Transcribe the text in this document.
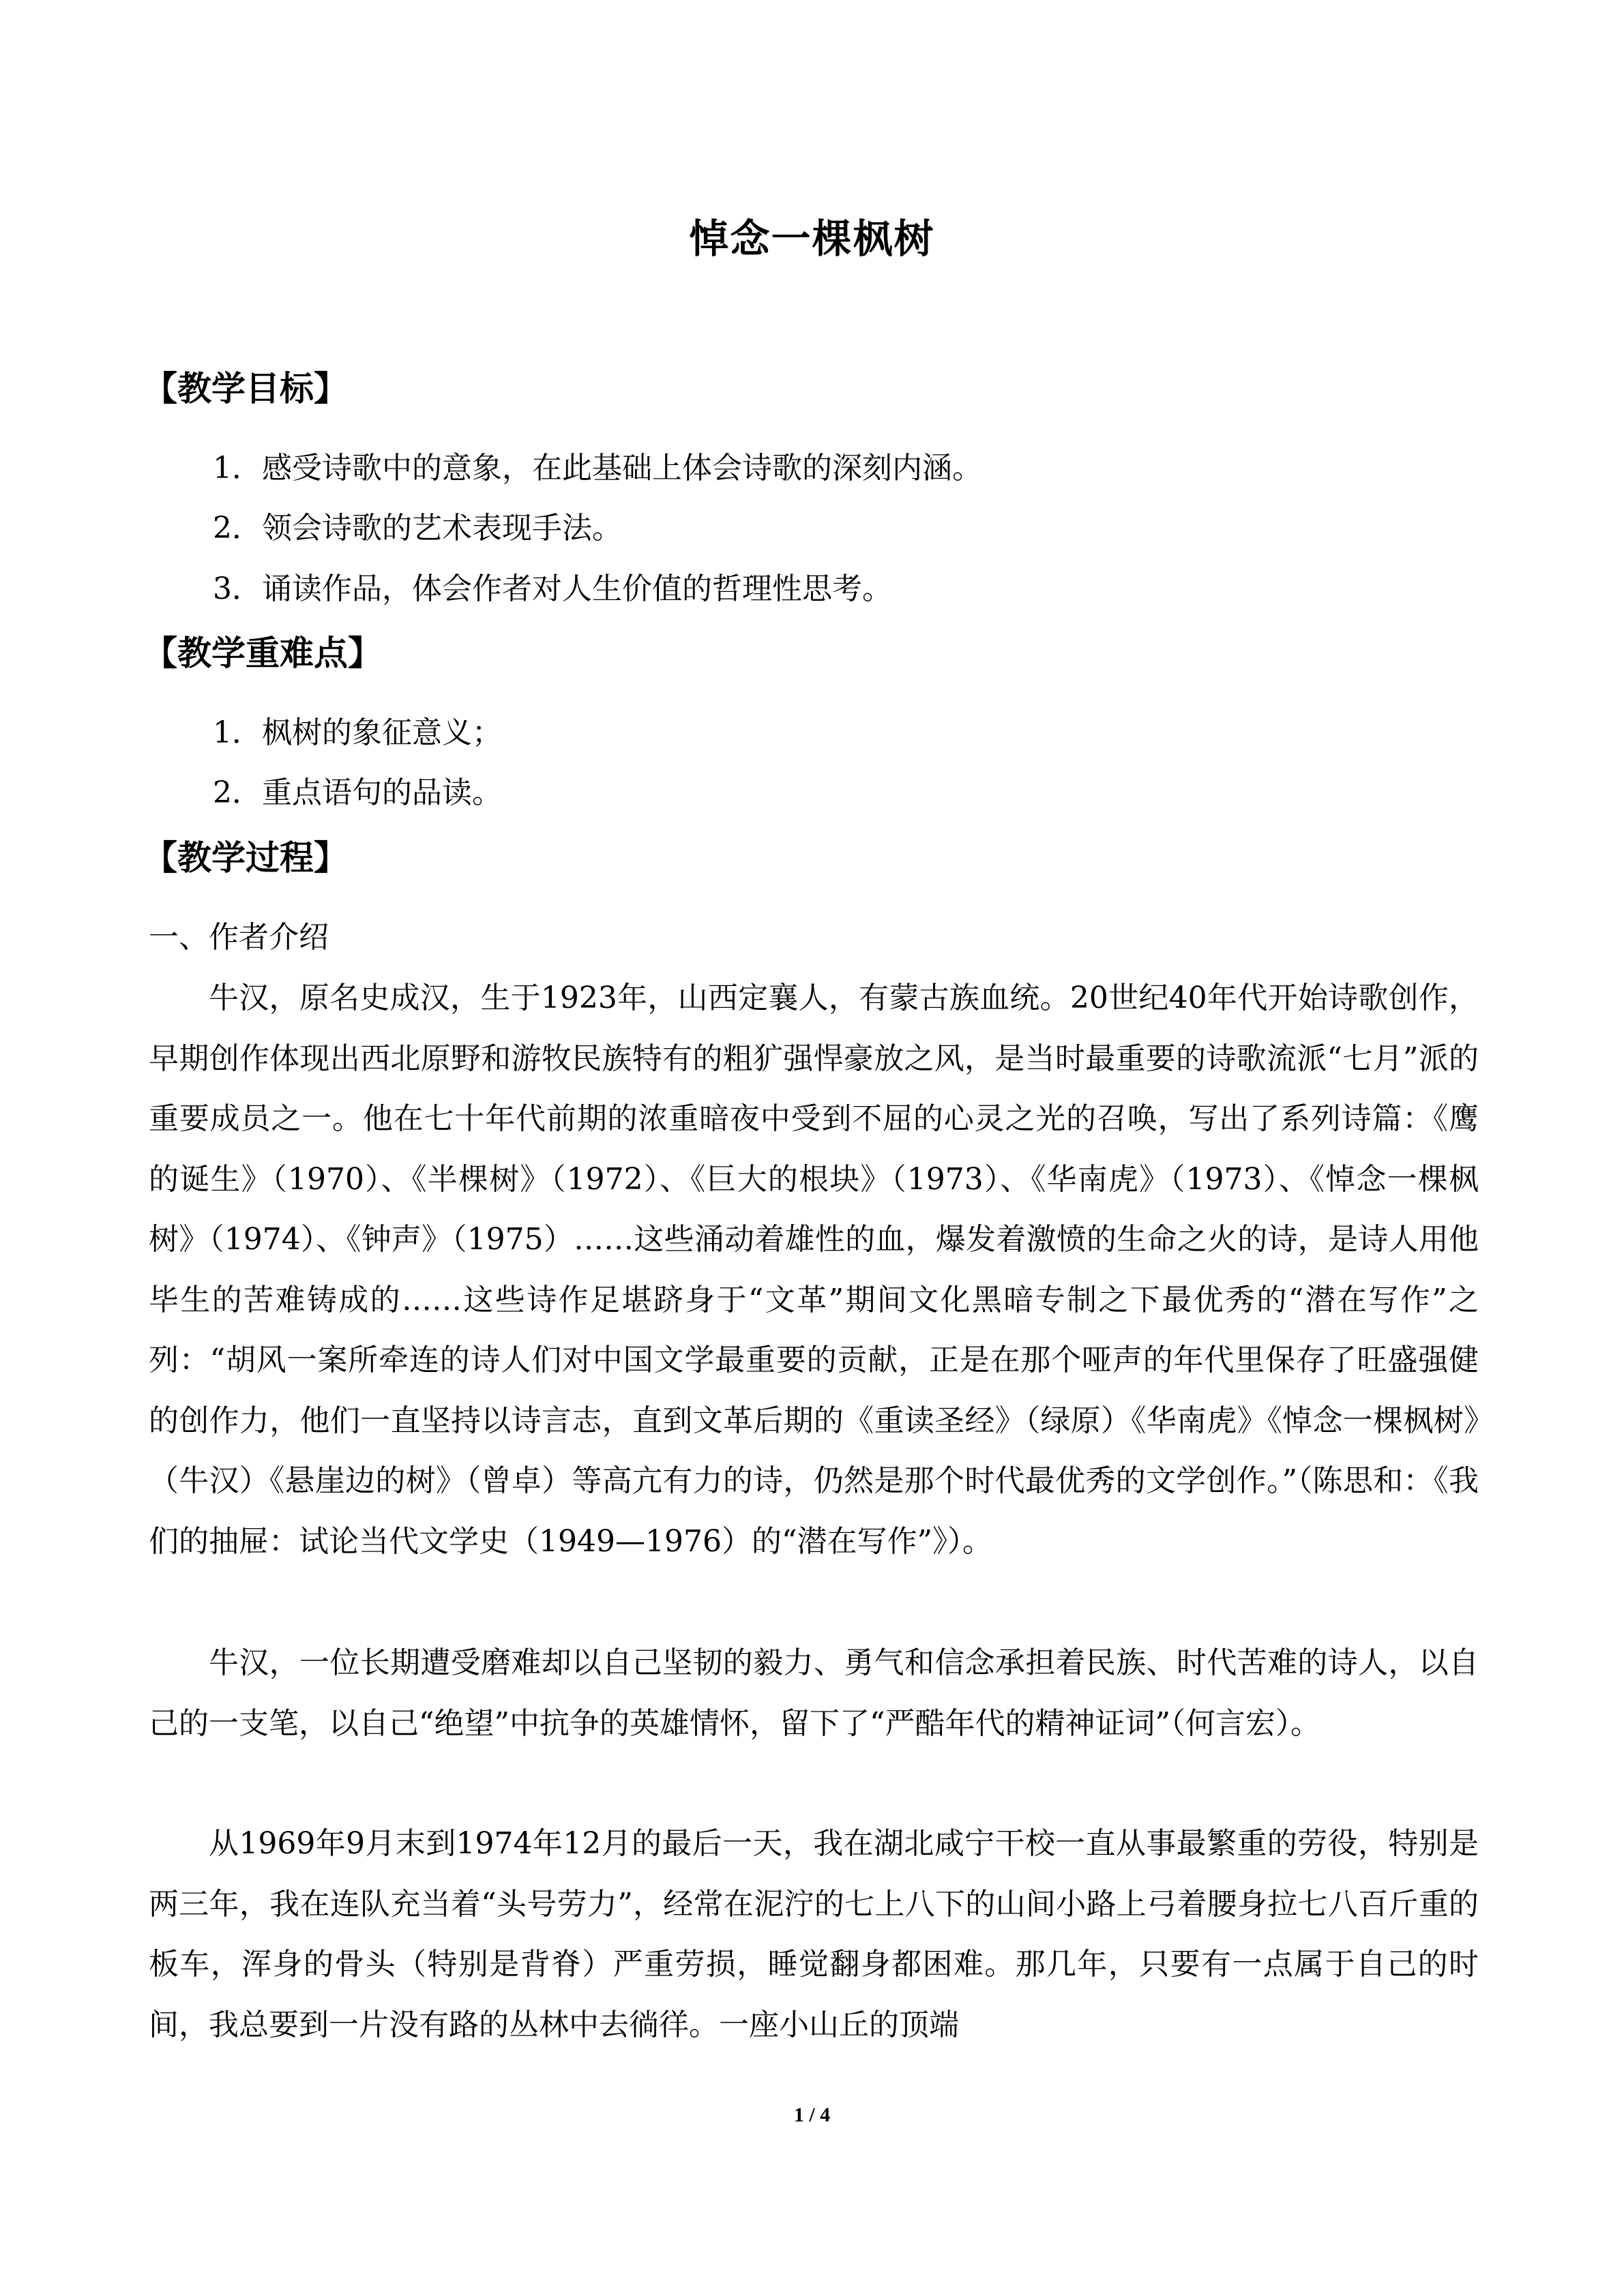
悼念一棵枫树
【教学目标】
1．感受诗歌中的意象，在此基础上体会诗歌的深刻内涵。
2．领会诗歌的艺术表现手法。
3．诵读作品，体会作者对人生价值的哲理性思考。
【教学重难点】
1．枫树的象征意义；
2．重点语句的品读。
【教学过程】
一、作者介绍
牛汉，原名史成汉，生于1923年，山西定襄人，有蒙古族血统。20世纪40年代开始诗歌创作，早期创作体现出西北原野和游牧民族特有的粗犷强悍豪放之风，是当时最重要的诗歌流派“七月”派的重要成员之一。他在七十年代前期的浓重暗夜中受到不屈的心灵之光的召唤，写出了系列诗篇：《鹰的诞生》（1970）、《半棵树》（1972）、《巨大的根块》（1973）、《华南虎》（1973）、《悼念一棵枫树》（1974）、《钟声》（1975）……这些涌动着雄性的血，爆发着激愤的生命之火的诗，是诗人用他毕生的苦难铸成的……这些诗作足堪跻身于“文革”期间文化黑暗专制之下最优秀的“潜在写作”之列：“胡风一案所牵连的诗人们对中国文学最重要的贡献，正是在那个哑声的年代里保存了旺盛强健的创作力，他们一直坚持以诗言志，直到文革后期的《重读圣经》（绿原）《华南虎》《悼念一棵枫树》（牛汉）《悬崖边的树》（曾卓）等高亢有力的诗，仍然是那个时代最优秀的文学创作。”（陈思和：《我们的抽屉：试论当代文学史（1949—1976）的“潜在写作”》）。
牛汉，一位长期遭受磨难却以自己坚韧的毅力、勇气和信念承担着民族、时代苦难的诗人，以自己的一支笔，以自己“绝望”中抗争的英雄情怀，留下了“严酷年代的精神证词”（何言宏）。
从1969年9月末到1974年12月的最后一天，我在湖北咸宁干校一直从事最繁重的劳役，特别是两三年，我在连队充当着“头号劳力”，经常在泥泞的七上八下的山间小路上弓着腰身拉七八百斤重的板车，浑身的骨头（特别是背脊）严重劳损，睡觉翻身都困难。那几年，只要有一点属于自己的时间，我总要到一片没有路的丛林中去徜徉。一座小山丘的顶端
1 / 4
